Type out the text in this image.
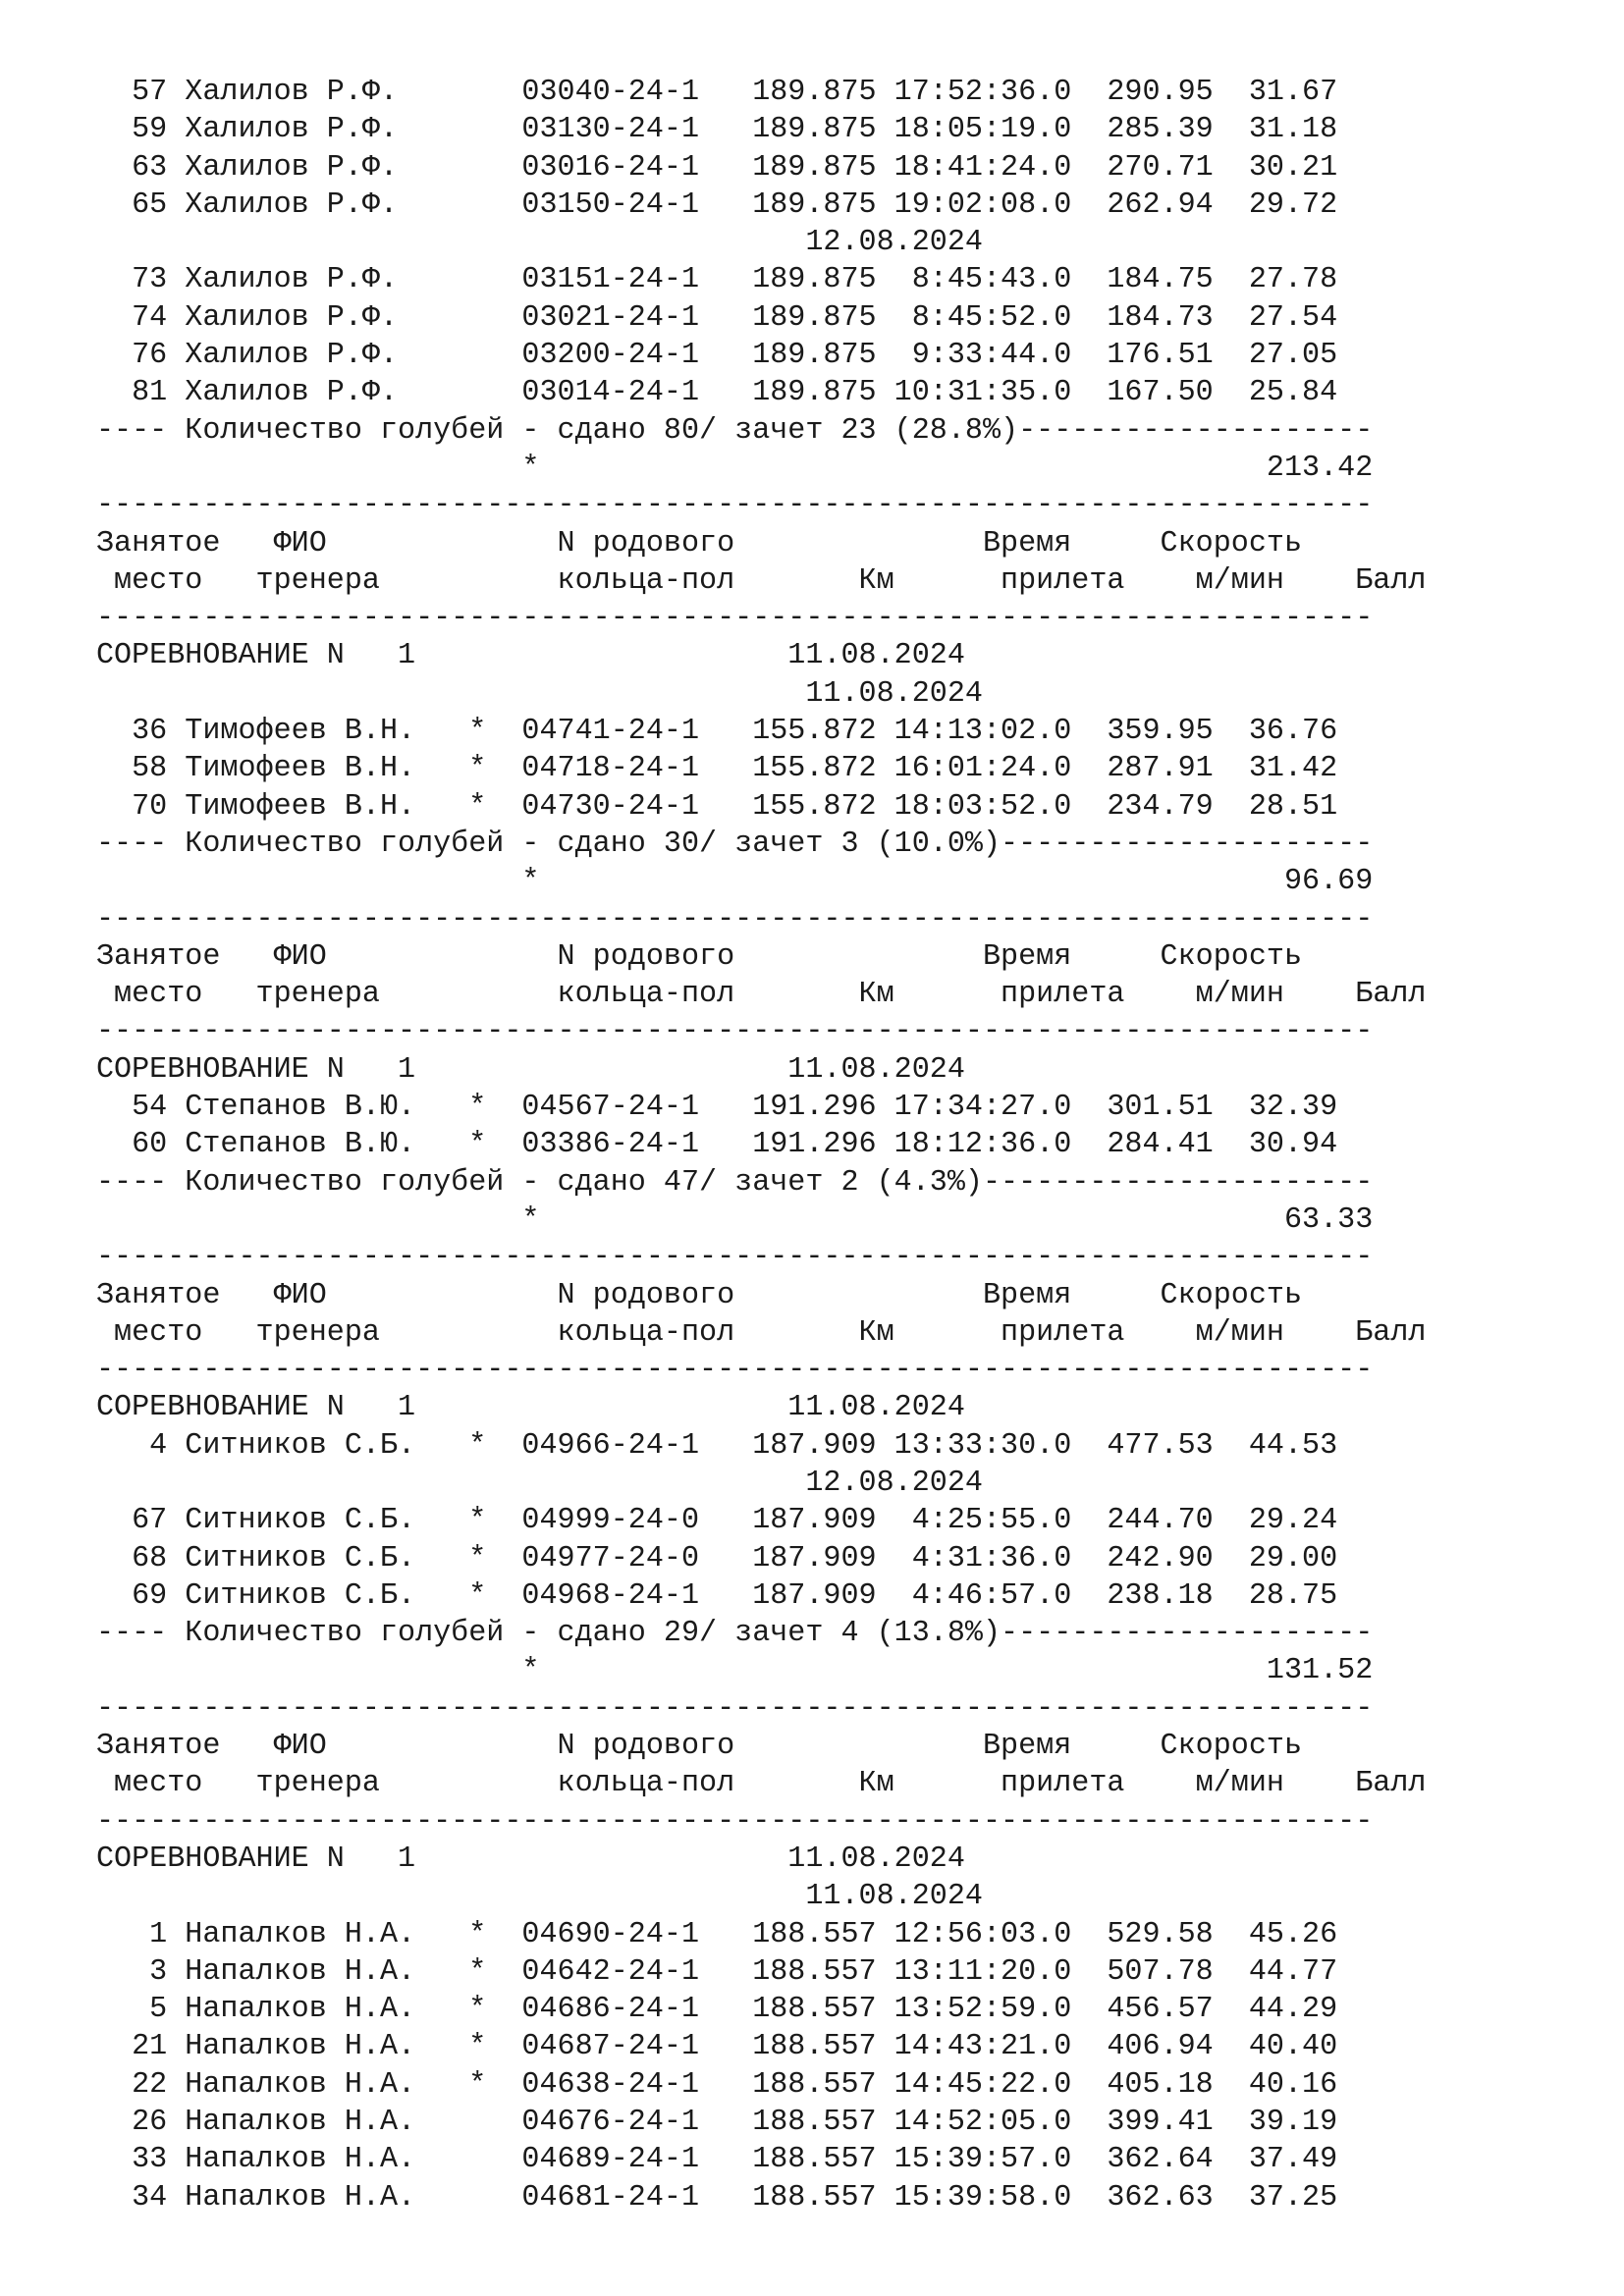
57 Халилов Р.Ф.       03040-24-1   189.875 17:52:36.0  290.95  31.67
59 Халилов Р.Ф.       03130-24-1   189.875 18:05:19.0  285.39  31.18
63 Халилов Р.Ф.       03016-24-1   189.875 18:41:24.0  270.71  30.21
65 Халилов Р.Ф.       03150-24-1   189.875 19:02:08.0  262.94  29.72
12.08.2024
73 Халилов Р.Ф.       03151-24-1   189.875  8:45:43.0  184.75  27.78
74 Халилов Р.Ф.       03021-24-1   189.875  8:45:52.0  184.73  27.54
76 Халилов Р.Ф.       03200-24-1   189.875  9:33:44.0  176.51  27.05
81 Халилов Р.Ф.       03014-24-1   189.875 10:31:35.0  167.50  25.84
---- Количество голубей - сдано 80/ зачет 23 (28.8%)--------------------
*                                         213.42
------------------------------------------------------------------------
Занятое   ФИО             N родового              Время     Скорость
место   тренера          кольца-пол       Км      прилета    м/мин    Балл
------------------------------------------------------------------------
СОРЕВНОВАНИЕ N   1                     11.08.2024
11.08.2024
36 Тимофеев В.Н.   *  04741-24-1   155.872 14:13:02.0  359.95  36.76
58 Тимофеев В.Н.   *  04718-24-1   155.872 16:01:24.0  287.91  31.42
70 Тимофеев В.Н.   *  04730-24-1   155.872 18:03:52.0  234.79  28.51
---- Количество голубей - сдано 30/ зачет 3 (10.0%)---------------------
*                                          96.69
------------------------------------------------------------------------
Занятое   ФИО             N родового              Время     Скорость
место   тренера          кольца-пол       Км      прилета    м/мин    Балл
------------------------------------------------------------------------
СОРЕВНОВАНИЕ N   1                     11.08.2024
54 Степанов В.Ю.   *  04567-24-1   191.296 17:34:27.0  301.51  32.39
60 Степанов В.Ю.   *  03386-24-1   191.296 18:12:36.0  284.41  30.94
---- Количество голубей - сдано 47/ зачет 2 (4.3%)----------------------
*                                          63.33
------------------------------------------------------------------------
Занятое   ФИО             N родового              Время     Скорость
место   тренера          кольца-пол       Км      прилета    м/мин    Балл
------------------------------------------------------------------------
СОРЕВНОВАНИЕ N   1                     11.08.2024
4 Ситников С.Б.   *  04966-24-1   187.909 13:33:30.0  477.53  44.53
12.08.2024
67 Ситников С.Б.   *  04999-24-0   187.909  4:25:55.0  244.70  29.24
68 Ситников С.Б.   *  04977-24-0   187.909  4:31:36.0  242.90  29.00
69 Ситников С.Б.   *  04968-24-1   187.909  4:46:57.0  238.18  28.75
---- Количество голубей - сдано 29/ зачет 4 (13.8%)---------------------
*                                         131.52
------------------------------------------------------------------------
Занятое   ФИО             N родового              Время     Скорость
место   тренера          кольца-пол       Км      прилета    м/мин    Балл
------------------------------------------------------------------------
СОРЕВНОВАНИЕ N   1                     11.08.2024
11.08.2024
1 Напалков Н.А.   *  04690-24-1   188.557 12:56:03.0  529.58  45.26
3 Напалков Н.А.   *  04642-24-1   188.557 13:11:20.0  507.78  44.77
5 Напалков Н.А.   *  04686-24-1   188.557 13:52:59.0  456.57  44.29
21 Напалков Н.А.   *  04687-24-1   188.557 14:43:21.0  406.94  40.40
22 Напалков Н.А.   *  04638-24-1   188.557 14:45:22.0  405.18  40.16
26 Напалков Н.А.      04676-24-1   188.557 14:52:05.0  399.41  39.19
33 Напалков Н.А.      04689-24-1   188.557 15:39:57.0  362.64  37.49
34 Напалков Н.А.      04681-24-1   188.557 15:39:58.0  362.63  37.25
